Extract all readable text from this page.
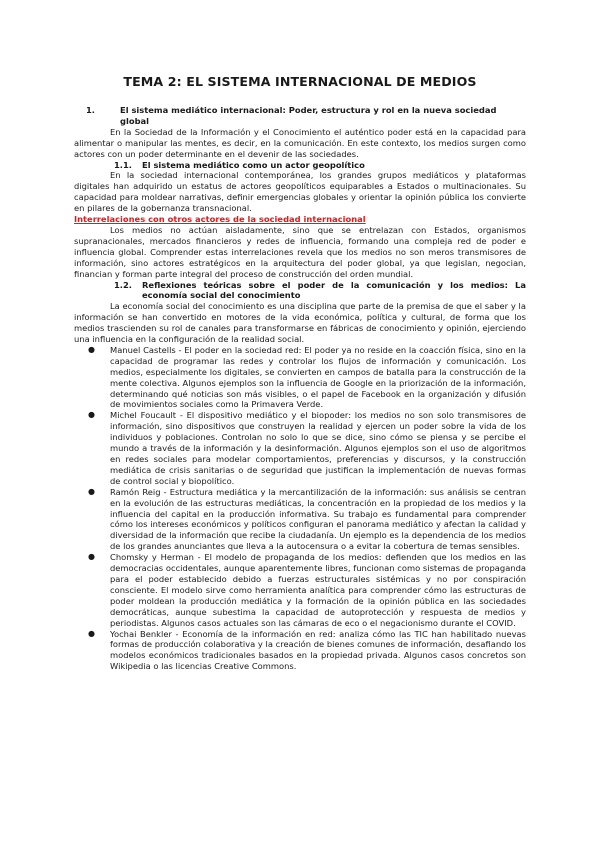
TEMA 2: EL SISTEMA INTERNACIONAL DE MEDIOS
1.	El sistema mediático internacional: Poder, estructura y rol en la nueva sociedad global

En la Sociedad de la Información y el Conocimiento el auténtico poder está en la capacidad para alimentar o manipular las mentes, es decir, en la comunicación. En este contexto, los medios surgen como actores con un poder determinante en el devenir de las sociedades.

1.1.	El sistema mediático como un actor geopolítico

En la sociedad internacional contemporánea, los grandes grupos mediáticos y plataformas digitales han adquirido un estatus de actores geopolíticos equiparables a Estados o multinacionales. Su capacidad para moldear narrativas, definir emergencias globales y orientar la opinión pública los convierte en pilares de la gobernanza transnacional.

Interrelaciones con otros actores de la sociedad internacional

Los medios no actúan aisladamente, sino que se entrelazan con Estados, organismos supranacionales, mercados financieros y redes de influencia, formando una compleja red de poder e influencia global. Comprender estas interrelaciones revela que los medios no son meros transmisores de información, sino actores estratégicos en la arquitectura del poder global, ya que legislan, negocian, financian y forman parte integral del proceso de construcción del orden mundial.

1.2.	Reflexiones teóricas sobre el poder de la comunicación y los medios: La economía social del conocimiento

La economía social del conocimiento es una disciplina que parte de la premisa de que el saber y la información se han convertido en motores de la vida económica, política y cultural, de forma que los medios trascienden su rol de canales para transformarse en fábricas de conocimiento y opinión, ejerciendo una influencia en la configuración de la realidad social.

● Manuel Castells - El poder en la sociedad red: El poder ya no reside en la coacción física, sino en la capacidad de programar las redes y controlar los flujos de información y comunicación. Los medios, especialmente los digitales, se convierten en campos de batalla para la construcción de la mente colectiva. Algunos ejemplos son la influencia de Google en la priorización de la información, determinando qué noticias son más visibles, o el papel de Facebook en la organización y difusión de movimientos sociales como la Primavera Verde.
● Michel Foucault - El dispositivo mediático y el biopoder: los medios no son solo transmisores de información, sino dispositivos que construyen la realidad y ejercen un poder sobre la vida de los individuos y poblaciones. Controlan no solo lo que se dice, sino cómo se piensa y se percibe el mundo a través de la información y la desinformación. Algunos ejemplos son el uso de algoritmos en redes sociales para modelar comportamientos, preferencias y discursos, y la construcción mediática de crisis sanitarias o de seguridad que justifican la implementación de nuevas formas de control social y biopolítico.
● Ramón Reig - Estructura mediática y la mercantilización de la información: sus análisis se centran en la evolución de las estructuras mediáticas, la concentración en la propiedad de los medios y la influencia del capital en la producción informativa. Su trabajo es fundamental para comprender cómo los intereses económicos y políticos configuran el panorama mediático y afectan la calidad y diversidad de la información que recibe la ciudadanía. Un ejemplo es la dependencia de los medios de los grandes anunciantes que lleva a la autocensura o a evitar la cobertura de temas sensibles.
● Chomsky y Herman - El modelo de propaganda de los medios: defienden que los medios en las democracias occidentales, aunque aparentemente libres, funcionan como sistemas de propaganda para el poder establecido debido a fuerzas estructurales sistémicas y no por conspiración consciente. El modelo sirve como herramienta analítica para comprender cómo las estructuras de poder moldean la producción mediática y la formación de la opinión pública en las sociedades democráticas, aunque subestima la capacidad de autoprotección y respuesta de medios y periodistas. Algunos casos actuales son las cámaras de eco o el negacionismo durante el COVID.
● Yochai Benkler - Economía de la información en red: analiza cómo las TIC han habilitado nuevas formas de producción colaborativa y la creación de bienes comunes de información, desafiando los modelos económicos tradicionales basados en la propiedad privada. Algunos casos concretos son Wikipedia o las licencias Creative Commons.
